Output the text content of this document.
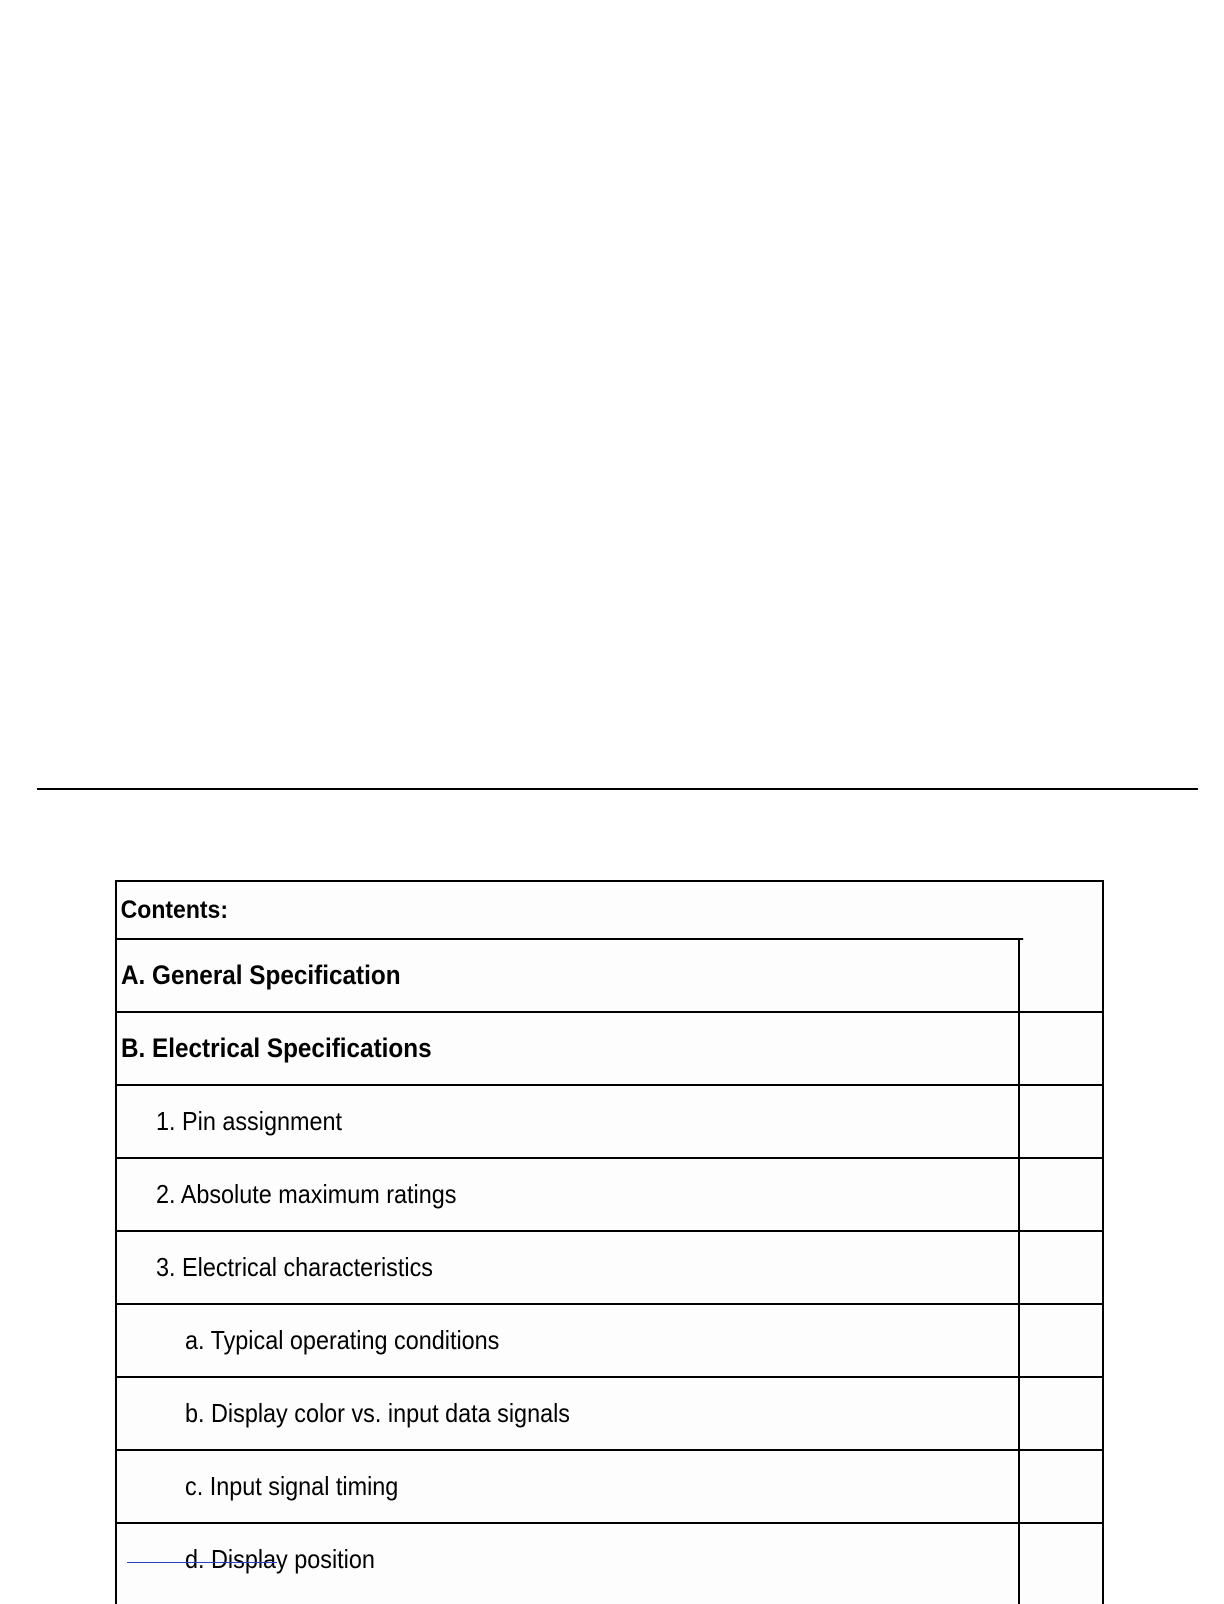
Contents:
A. General Specification
B. Electrical Specifications
1. Pin assignment
2. Absolute maximum ratings
3. Electrical characteristics
a. Typical operating conditions
b. Display color vs. input data signals
c. Input signal timing
d. Display position
